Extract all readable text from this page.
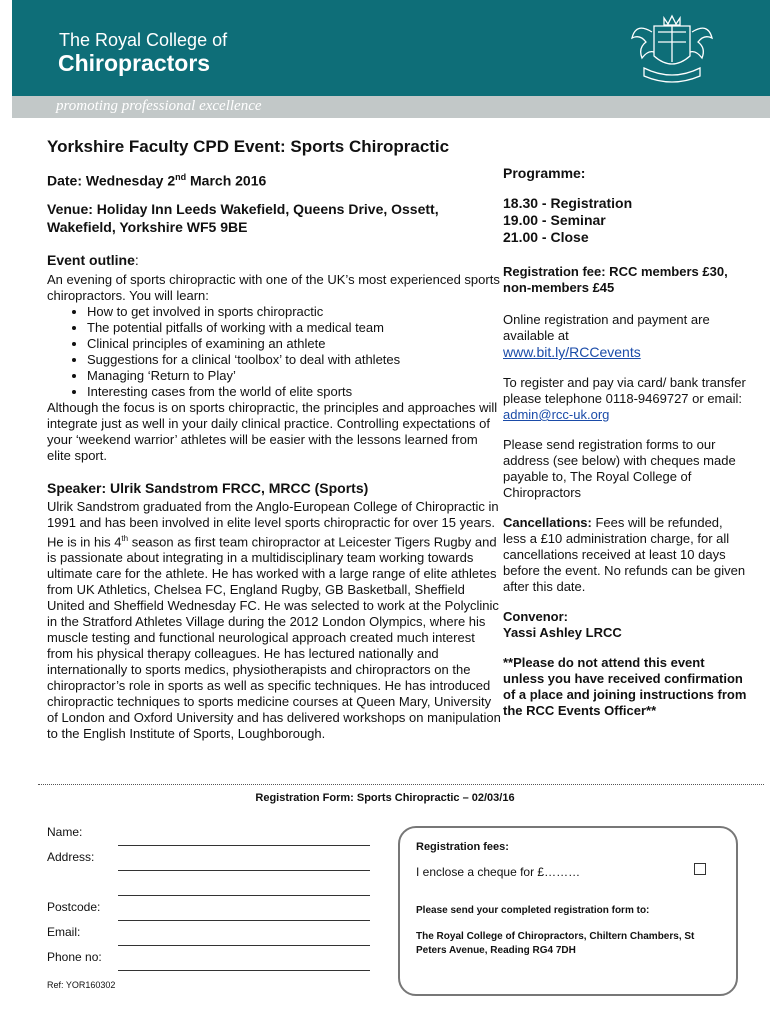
The Royal College of
Chiropractors
promoting professional excellence
Yorkshire Faculty CPD Event: Sports Chiropractic
Date: Wednesday 2nd March 2016
Venue: Holiday Inn Leeds Wakefield, Queens Drive, Ossett, Wakefield, Yorkshire WF5 9BE
Event outline:
An evening of sports chiropractic with one of the UK’s most experienced sports chiropractors. You will learn:
• How to get involved in sports chiropractic
• The potential pitfalls of working with a medical team
• Clinical principles of examining an athlete
• Suggestions for a clinical ‘toolbox’ to deal with athletes
• Managing ‘Return to Play’
• Interesting cases from the world of elite sports
Although the focus is on sports chiropractic, the principles and approaches will integrate just as well in your daily clinical practice. Controlling expectations of your ‘weekend warrior’ athletes will be easier with the lessons learned from elite sport.
Speaker: Ulrik Sandstrom FRCC, MRCC (Sports)
Ulrik Sandstrom graduated from the Anglo-European College of Chiropractic in 1991 and has been involved in elite level sports chiropractic for over 15 years. He is in his 4th season as first team chiropractor at Leicester Tigers Rugby and is passionate about integrating in a multidisciplinary team working towards ultimate care for the athlete. He has worked with a large range of elite athletes from UK Athletics, Chelsea FC, England Rugby, GB Basketball, Sheffield United and Sheffield Wednesday FC. He was selected to work at the Polyclinic in the Stratford Athletes Village during the 2012 London Olympics, where his muscle testing and functional neurological approach created much interest from his physical therapy colleagues. He has lectured nationally and internationally to sports medics, physiotherapists and chiropractors on the chiropractor’s role in sports as well as specific techniques. He has introduced chiropractic techniques to sports medicine courses at Queen Mary, University of London and Oxford University and has delivered workshops on manipulation to the English Institute of Sports, Loughborough.
Programme:
18.30 - Registration
19.00 - Seminar
21.00 - Close
Registration fee: RCC members £30, non-members £45

Online registration and payment are available at
www.bit.ly/RCCevents

To register and pay via card/ bank transfer please telephone 0118-9469727 or email:
admin@rcc-uk.org

Please send registration forms to our address (see below) with cheques made payable to, The Royal College of Chiropractors

Cancellations: Fees will be refunded, less a £10 administration charge, for all cancellations received at least 10 days before the event. No refunds can be given after this date.

Convenor:
Yassi Ashley LRCC

**Please do not attend this event unless you have received confirmation of a place and joining instructions from the RCC Events Officer**

Registration Form: Sports Chiropractic – 02/03/16
Name:
Address:
Postcode:
Email:
Phone no:
Ref: YOR160302
Registration fees:
I enclose a cheque for £………
Please send your completed registration form to:
The Royal College of Chiropractors, Chiltern Chambers, St Peters Avenue, Reading RG4 7DH
